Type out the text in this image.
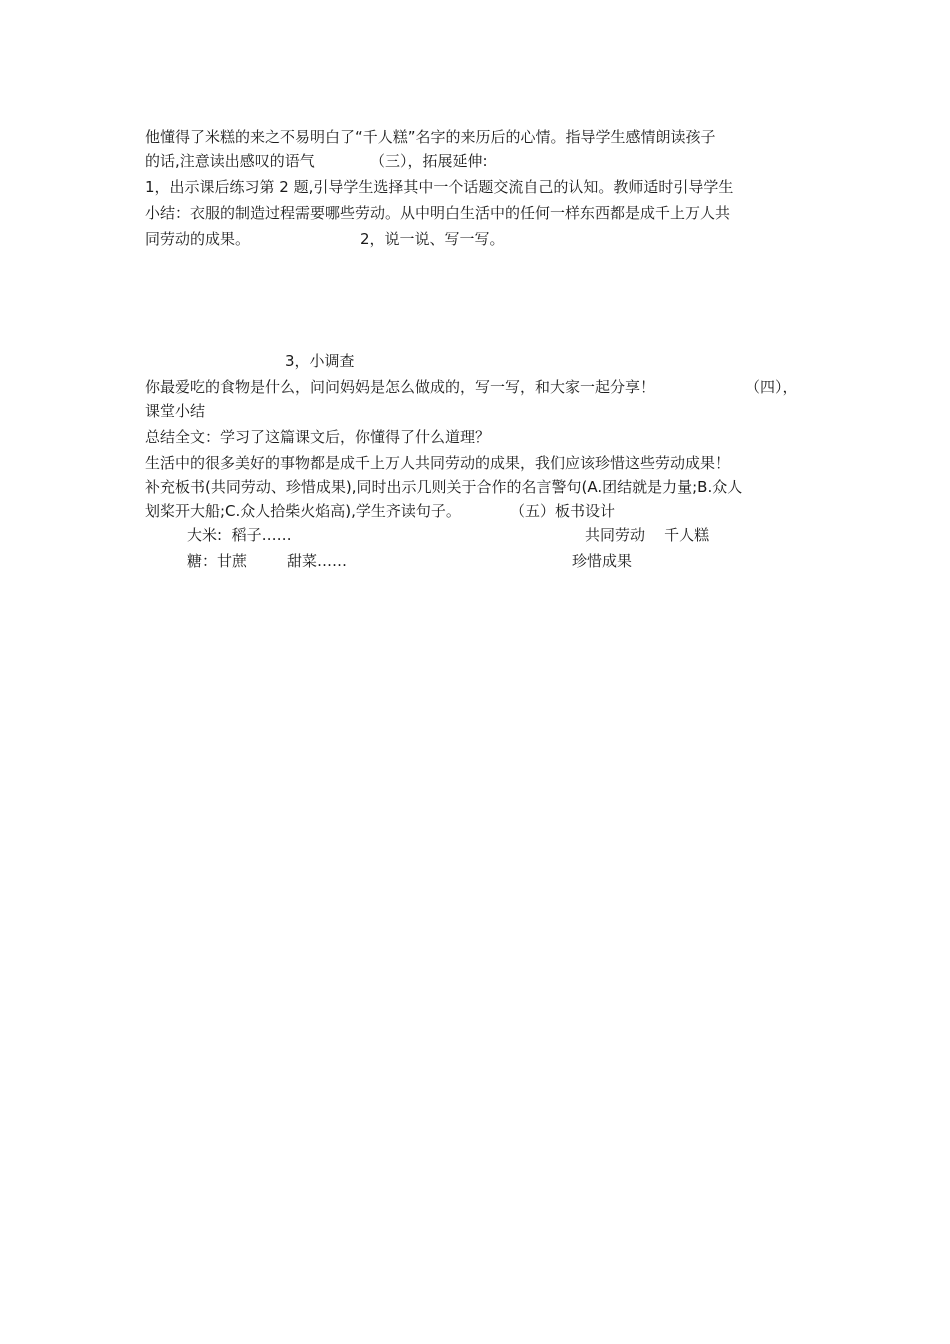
他懂得了米糕的来之不易明白了“千人糕”名字的来历后的心情。指导学生感情朗读孩子
的话,注意读出感叹的语气	（三），拓展延伸:
1，出示课后练习第 2 题,引导学生选择其中一个话题交流自己的认知。教师适时引导学生
小结：衣服的制造过程需要哪些劳动。从中明白生活中的任何一样东西都是成千上万人共
同劳动的成果。	2，说一说、写一写。
3，小调查
你最爱吃的食物是什么，问问妈妈是怎么做成的，写一写，和大家一起分享！	（四），
课堂小结
总结全文：学习了这篇课文后，你懂得了什么道理？
生活中的很多美好的事物都是成千上万人共同劳动的成果，我们应该珍惜这些劳动成果！
补充板书(共同劳动、珍惜成果),同时出示几则关于合作的名言警句(A.团结就是力量;B.众人
划桨开大船;C.众人拾柴火焰高),学生齐读句子。	（五）板书设计
大米:  稻子……	共同劳动    千人糕
糖：甘蔗	甜菜……	珍惜成果
